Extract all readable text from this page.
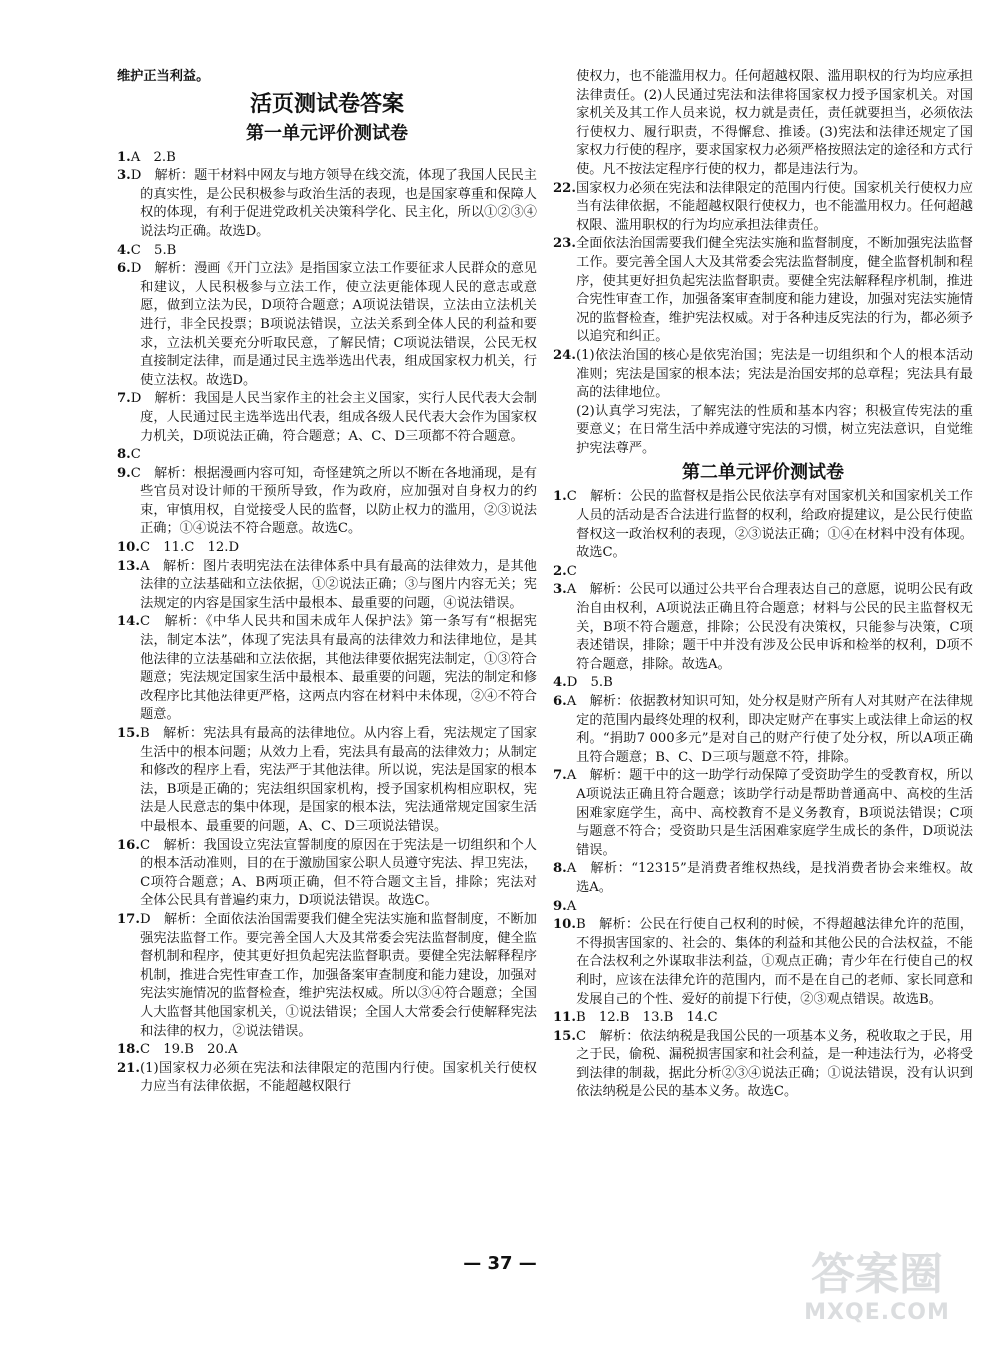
维护正当利益。

活页测试卷答案
第一单元评价测试卷

1.A　2.B

3.D　解析：题干材料中网友与地方领导在线交流，体现了我国人民民主的真实性，是公民积极参与政治生活的表现，也是国家尊重和保障人权的体现，有利于促进党政机关决策科学化、民主化，所以①②③④说法均正确。故选D。

4.C　5.B

6.D　解析：漫画《开门立法》是指国家立法工作要征求人民群众的意见和建议，人民积极参与立法工作，使立法更能体现人民的意志或意愿，做到立法为民，D项符合题意；A项说法错误，立法由立法机关进行，非全民投票；B项说法错误，立法关系到全体人民的利益和要求，立法机关要充分听取民意，了解民情；C项说法错误，公民无权直接制定法律，而是通过民主选举选出代表，组成国家权力机关，行使立法权。故选D。

7.D　解析：我国是人民当家作主的社会主义国家，实行人民代表大会制度，人民通过民主选举选出代表，组成各级人民代表大会作为国家权力机关，D项说法正确，符合题意；A、C、D三项都不符合题意。

8.C

9.C　解析：根据漫画内容可知，奇怪建筑之所以不断在各地涌现，是有些官员对设计师的干预所导致，作为政府，应加强对自身权力的约束，审慎用权，自觉接受人民的监督，以防止权力的滥用，②③说法正确；①④说法不符合题意。故选C。

10.C　11.C　12.D

13.A　解析：图片表明宪法在法律体系中具有最高的法律效力，是其他法律的立法基础和立法依据，①②说法正确；③与图片内容无关；宪法规定的内容是国家生活中最根本、最重要的问题，④说法错误。

14.C　解析：《中华人民共和国未成年人保护法》第一条写有“根据宪法，制定本法”，体现了宪法具有最高的法律效力和法律地位，是其他法律的立法基础和立法依据，其他法律要依据宪法制定，①③符合题意；宪法规定国家生活中最根本、最重要的问题，宪法的制定和修改程序比其他法律更严格，这两点内容在材料中未体现，②④不符合题意。

15.B　解析：宪法具有最高的法律地位。从内容上看，宪法规定了国家生活中的根本问题；从效力上看，宪法具有最高的法律效力；从制定和修改的程序上看，宪法严于其他法律。所以说，宪法是国家的根本法，B项是正确的；宪法组织国家机构，授予国家机构相应职权，宪法是人民意志的集中体现，是国家的根本法，宪法通常规定国家生活中最根本、最重要的问题，A、C、D三项说法错误。

16.C　解析：我国设立宪法宣誓制度的原因在于宪法是一切组织和个人的根本活动准则，目的在于激励国家公职人员遵守宪法、捍卫宪法，C项符合题意；A、B两项正确，但不符合题文主旨，排除；宪法对全体公民具有普遍约束力，D项说法错误。故选C。

17.D　解析：全面依法治国需要我们健全宪法实施和监督制度，不断加强宪法监督工作。要完善全国人大及其常委会宪法监督制度，健全监督机制和程序，使其更好担负起宪法监督职责。要健全宪法解释程序机制，推进合宪性审查工作，加强备案审查制度和能力建设，加强对宪法实施情况的监督检查，维护宪法权威。所以③④符合题意；全国人大监督其他国家机关，①说法错误；全国人大常委会行使解释宪法和法律的权力，②说法错误。

18.C　19.B　20.A

21.(1)国家权力必须在宪法和法律限定的范围内行使。国家机关行使权力应当有法律依据，不能超越权限行

使权力，也不能滥用权力。任何超越权限、滥用职权的行为均应承担法律责任。(2)人民通过宪法和法律将国家权力授予国家机关。对国家机关及其工作人员来说，权力就是责任，责任就要担当，必须依法行使权力、履行职责，不得懈怠、推诿。(3)宪法和法律还规定了国家权力行使的程序，要求国家权力必须严格按照法定的途径和方式行使。凡不按法定程序行使的权力，都是违法行为。

22.国家权力必须在宪法和法律限定的范围内行使。国家机关行使权力应当有法律依据，不能超越权限行使权力，也不能滥用权力。任何超越权限、滥用职权的行为均应承担法律责任。

23.全面依法治国需要我们健全宪法实施和监督制度，不断加强宪法监督工作。要完善全国人大及其常委会宪法监督制度，健全监督机制和程序，使其更好担负起宪法监督职责。要健全宪法解释程序机制，推进合宪性审查工作，加强备案审查制度和能力建设，加强对宪法实施情况的监督检查，维护宪法权威。对于各种违反宪法的行为，都必须予以追究和纠正。

24.(1)依法治国的核心是依宪治国；宪法是一切组织和个人的根本活动准则；宪法是国家的根本法；宪法是治国安邦的总章程；宪法具有最高的法律地位。

(2)认真学习宪法，了解宪法的性质和基本内容；积极宣传宪法的重要意义；在日常生活中养成遵守宪法的习惯，树立宪法意识，自觉维护宪法尊严。

第二单元评价测试卷

1.C　解析：公民的监督权是指公民依法享有对国家机关和国家机关工作人员的活动是否合法进行监督的权利，给政府提建议，是公民行使监督权这一政治权利的表现，②③说法正确；①④在材料中没有体现。故选C。

2.C

3.A　解析：公民可以通过公共平台合理表达自己的意愿，说明公民有政治自由权利，A项说法正确且符合题意；材料与公民的民主监督权无关，B项不符合题意，排除；公民没有决策权，只能参与决策，C项表述错误，排除；题干中并没有涉及公民申诉和检举的权利，D项不符合题意，排除。故选A。

4.D　5.B

6.A　解析：依据教材知识可知，处分权是财产所有人对其财产在法律规定的范围内最终处理的权利，即决定财产在事实上或法律上命运的权利。“捐助7 000多元”是对自己的财产行使了处分权，所以A项正确且符合题意；B、C、D三项与题意不符，排除。

7.A　解析：题干中的这一助学行动保障了受资助学生的受教育权，所以A项说法正确且符合题意；该助学行动是帮助普通高中、高校的生活困难家庭学生，高中、高校教育不是义务教育，B项说法错误；C项与题意不符合；受资助只是生活困难家庭学生成长的条件，D项说法错误。

8.A　解析：“12315”是消费者维权热线，是找消费者协会来维权。故选A。

9.A

10.B　解析：公民在行使自己权利的时候，不得超越法律允许的范围，不得损害国家的、社会的、集体的利益和其他公民的合法权益，不能在合法权利之外谋取非法利益，①观点正确；青少年在行使自己的权利时，应该在法律允许的范围内，而不是在自己的老师、家长同意和发展自己的个性、爱好的前提下行使，②③观点错误。故选B。

11.B　12.B　13.B　14.C

15.C　解析：依法纳税是我国公民的一项基本义务，税收取之于民，用之于民，偷税、漏税损害国家和社会利益，是一种违法行为，必将受到法律的制裁，据此分析②③④说法正确；①说法错误，没有认识到依法纳税是公民的基本义务。故选C。

— 37 —	答案圈
MXQE.COM
